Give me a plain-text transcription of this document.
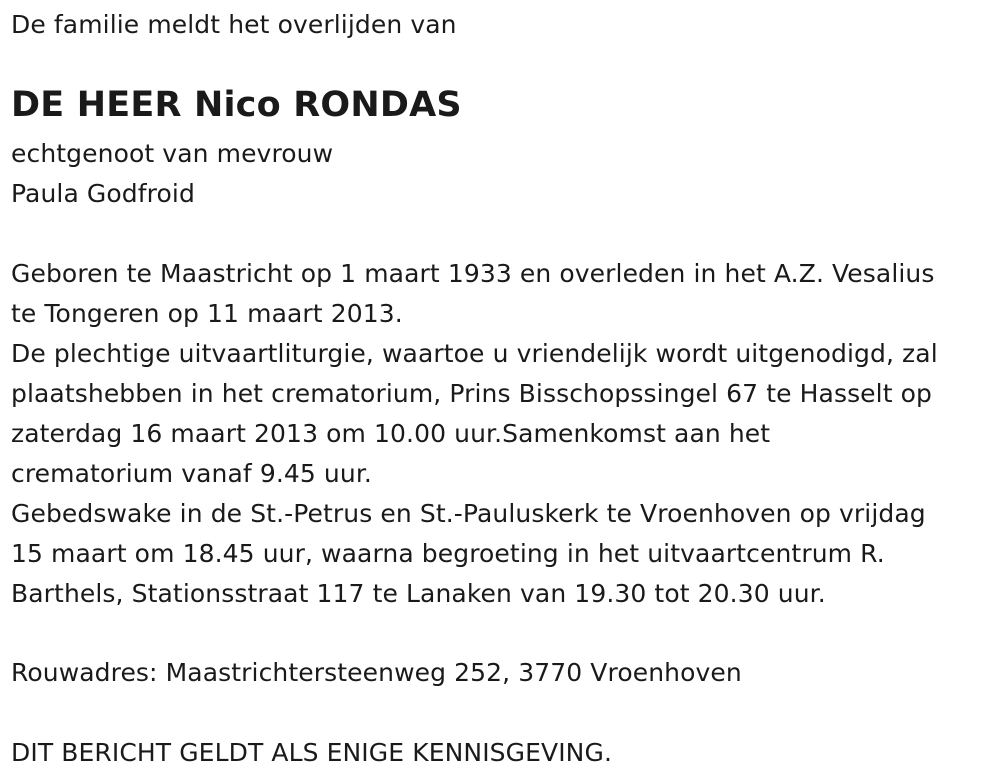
De familie meldt het overlijden van
DE HEER Nico RONDAS
echtgenoot van mevrouw
Paula Godfroid
Geboren te Maastricht op 1 maart 1933 en overleden in het A.Z. Vesalius
te Tongeren op 11 maart 2013.
De plechtige uitvaartliturgie, waartoe u vriendelijk wordt uitgenodigd, zal
plaatshebben in het crematorium, Prins Bisschopssingel 67 te Hasselt op
zaterdag 16 maart 2013 om 10.00 uur.Samenkomst aan het
crematorium vanaf 9.45 uur.
Gebedswake in de St.-Petrus en St.-Pauluskerk te Vroenhoven op vrijdag
15 maart om 18.45 uur, waarna begroeting in het uitvaartcentrum R.
Barthels, Stationsstraat 117 te Lanaken van 19.30 tot 20.30 uur.
Rouwadres: Maastrichtersteenweg 252, 3770 Vroenhoven
DIT BERICHT GELDT ALS ENIGE KENNISGEVING.
